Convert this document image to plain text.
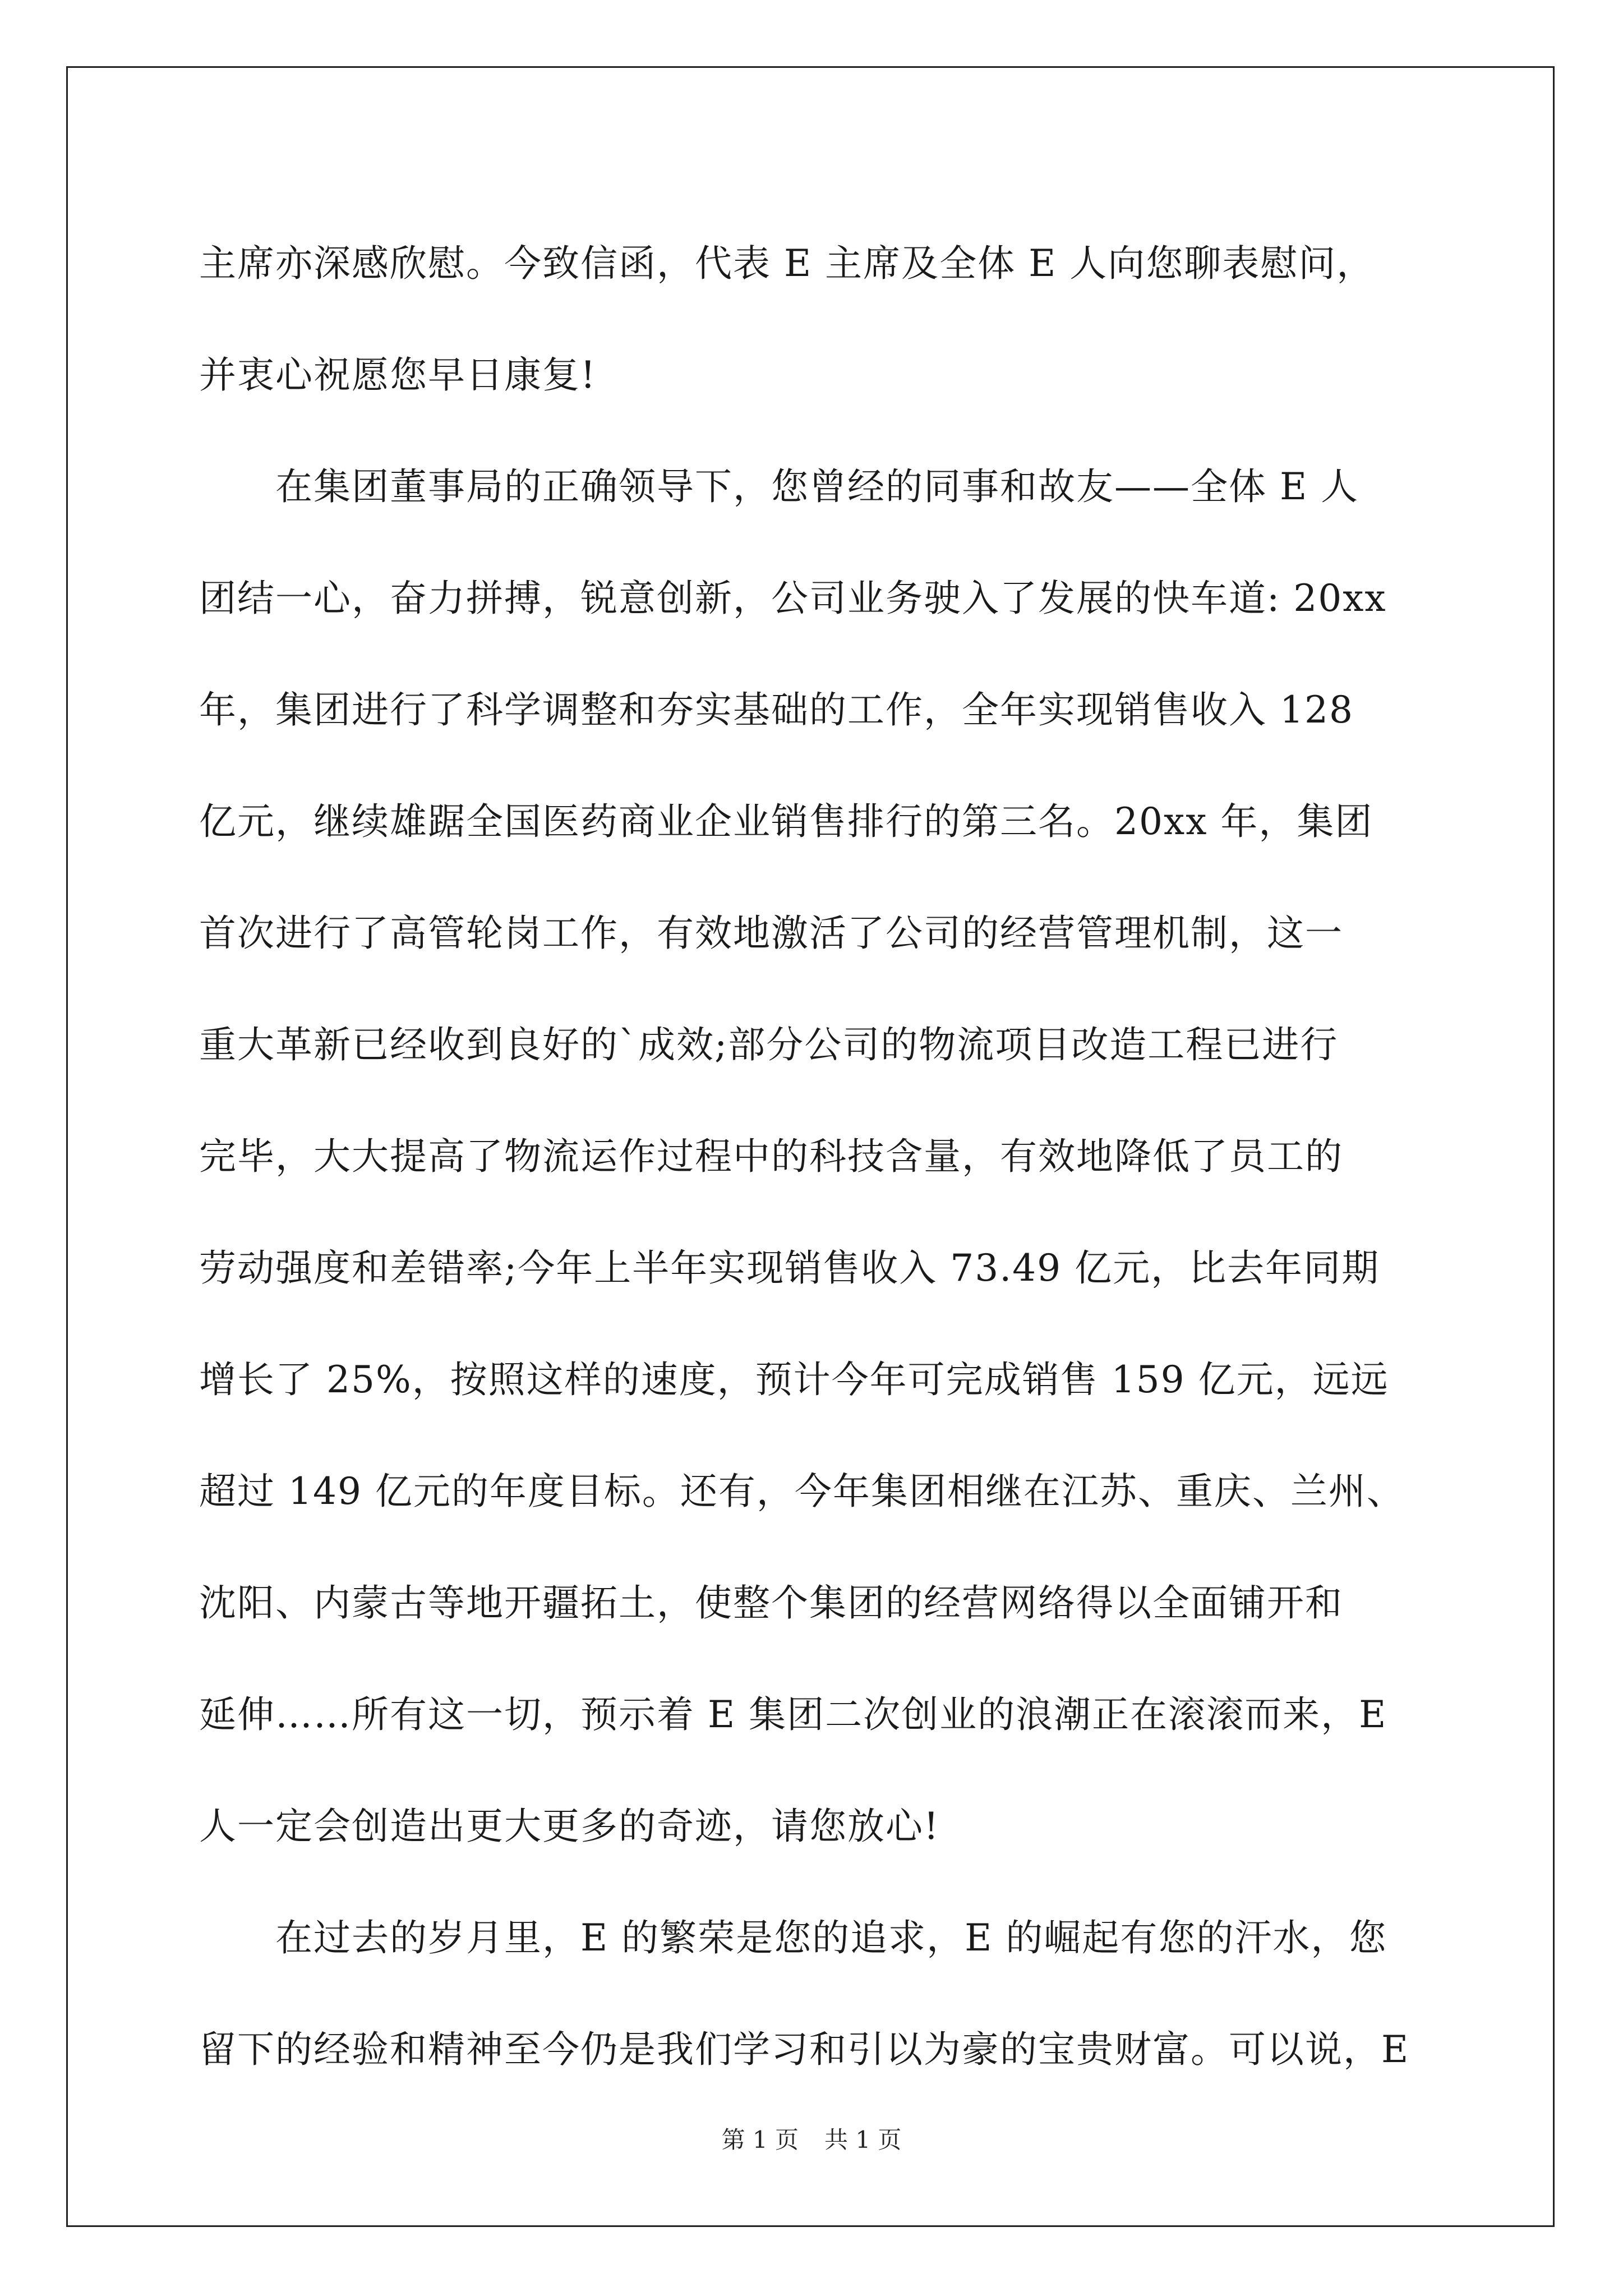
主席亦深感欣慰。今致信函，代表 E 主席及全体 E 人向您聊表慰问，
并衷心祝愿您早日康复!
　　在集团董事局的正确领导下，您曾经的同事和故友——全体 E 人
团结一心，奋力拼搏，锐意创新，公司业务驶入了发展的快车道: 20xx
年，集团进行了科学调整和夯实基础的工作，全年实现销售收入 128
亿元，继续雄踞全国医药商业企业销售排行的第三名。20xx 年，集团
首次进行了高管轮岗工作，有效地激活了公司的经营管理机制，这一
重大革新已经收到良好的`成效;部分公司的物流项目改造工程已进行
完毕，大大提高了物流运作过程中的科技含量，有效地降低了员工的
劳动强度和差错率;今年上半年实现销售收入 73.49 亿元，比去年同期
增长了 25%，按照这样的速度，预计今年可完成销售 159 亿元，远远
超过 149 亿元的年度目标。还有，今年集团相继在江苏、重庆、兰州、
沈阳、内蒙古等地开疆拓土，使整个集团的经营网络得以全面铺开和
延伸……所有这一切，预示着 E 集团二次创业的浪潮正在滚滚而来，E
人一定会创造出更大更多的奇迹，请您放心!
　　在过去的岁月里，E 的繁荣是您的追求，E 的崛起有您的汗水，您
留下的经验和精神至今仍是我们学习和引以为豪的宝贵财富。可以说，E
第 1 页 共 1 页
